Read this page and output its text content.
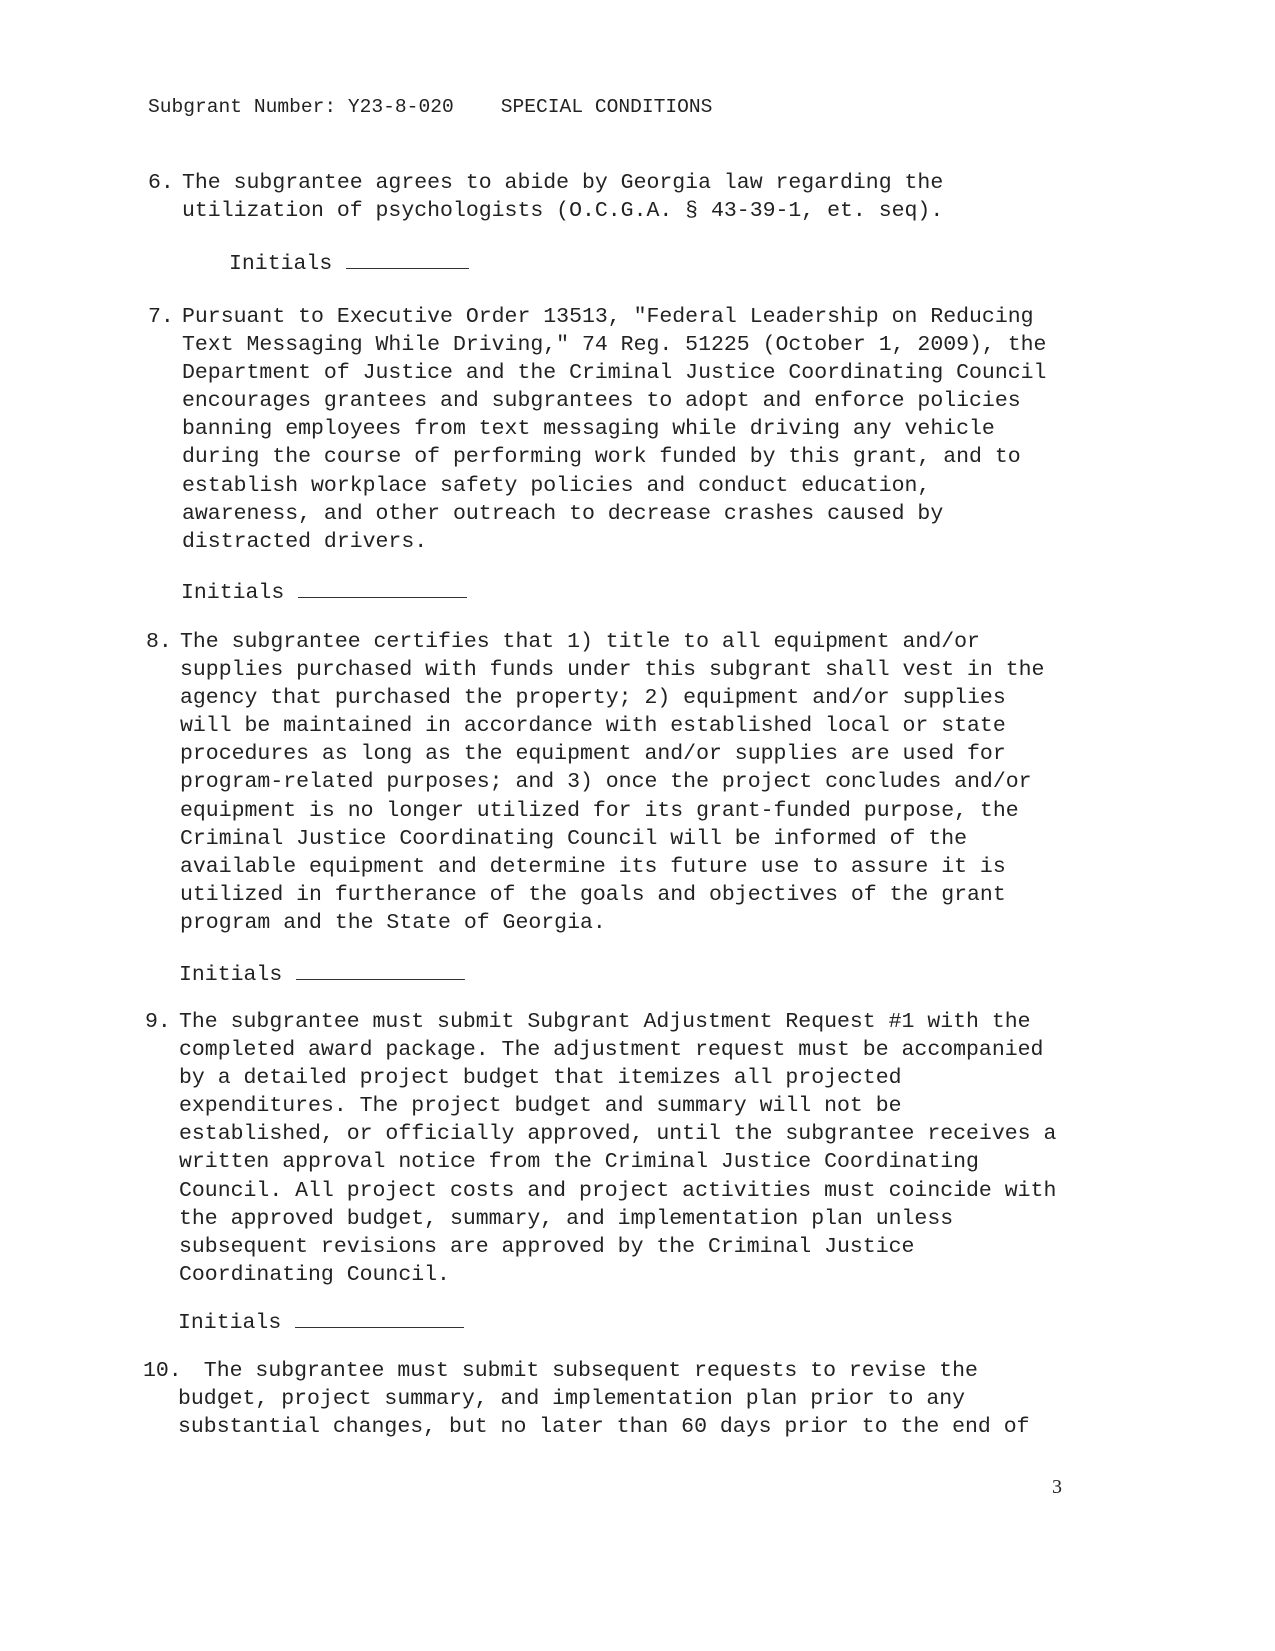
Subgrant Number: Y23-8-020 SPECIAL CONDITIONS
6. The subgrantee agrees to abide by Georgia law regarding the
utilization of psychologists (O.C.G.A. § 43-39-1, et. seq).
Initials
7. Pursuant to Executive Order 13513, "Federal Leadership on Reducing
Text Messaging While Driving," 74 Reg. 51225 (October 1, 2009), the
Department of Justice and the Criminal Justice Coordinating Council
encourages grantees and subgrantees to adopt and enforce policies
banning employees from text messaging while driving any vehicle
during the course of performing work funded by this grant, and to
establish workplace safety policies and conduct education,
awareness, and other outreach to decrease crashes caused by
distracted drivers.
Initials
8. The subgrantee certifies that 1) title to all equipment and/or
supplies purchased with funds under this subgrant shall vest in the
agency that purchased the property; 2) equipment and/or supplies
will be maintained in accordance with established local or state
procedures as long as the equipment and/or supplies are used for
program-related purposes; and 3) once the project concludes and/or
equipment is no longer utilized for its grant-funded purpose, the
Criminal Justice Coordinating Council will be informed of the
available equipment and determine its future use to assure it is
utilized in furtherance of the goals and objectives of the grant
program and the State of Georgia.
Initials
9. The subgrantee must submit Subgrant Adjustment Request #1 with the
completed award package. The adjustment request must be accompanied
by a detailed project budget that itemizes all projected
expenditures. The project budget and summary will not be
established, or officially approved, until the subgrantee receives a
written approval notice from the Criminal Justice Coordinating
Council. All project costs and project activities must coincide with
the approved budget, summary, and implementation plan unless
subsequent revisions are approved by the Criminal Justice
Coordinating Council.
Initials
10.
The subgrantee must submit subsequent requests to revise the
budget, project summary, and implementation plan prior to any
substantial changes, but no later than 60 days prior to the end of
3
